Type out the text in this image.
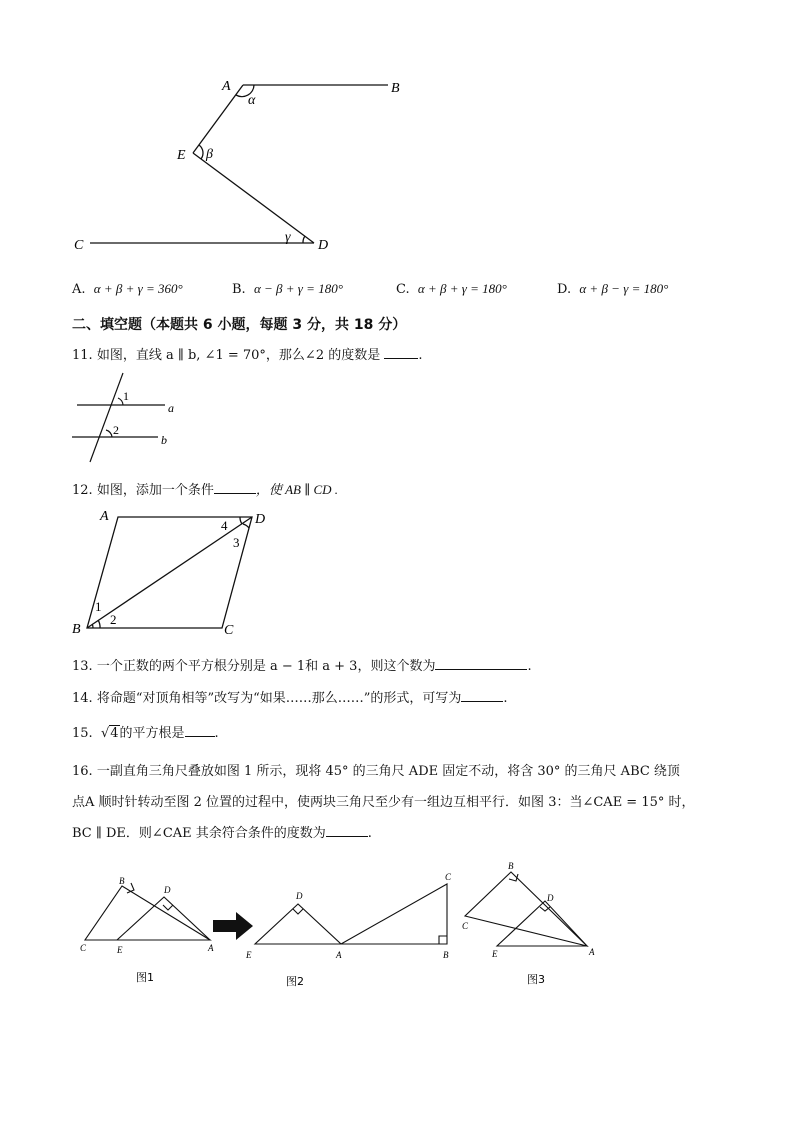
A	B
E
C	D
α
β
γ
A. α + β + γ = 360°	B. α − β + γ = 180°	C. α + β + γ = 180°	D. α + β − γ = 180°
二、填空题（本题共 6 小题，每题 3 分，共 18 分）
11. 如图，直线 a ∥ b, ∠1 = 70°，那么∠2 的度数是	.
1
2
a
b
12. 如图，添加一个条件	，使 AB ∥ CD .
A	D
B	C
1
2
3
4
13. 一个正数的两个平方根分别是 a − 1和 a + 3，则这个数为	.
14. 将命题“对顶角相等”改写为“如果……那么……”的形式，可写为	.
15. √4的平方根是 .
16. 一副直角三角尺叠放如图 1 所示，现将 45° 的三角尺 ADE 固定不动，将含 30° 的三角尺 ABC 绕顶
点A 顺时针转动至图 2 位置的过程中，使两块三角尺至少有一组边互相平行．如图 3：当∠CAE = 15° 时，
BC ∥ DE．则∠CAE 其余符合条件的度数为	.
B
D
C	E	A
图1
D
C
E	A	B
图2
B
D
C
E	A
图3
